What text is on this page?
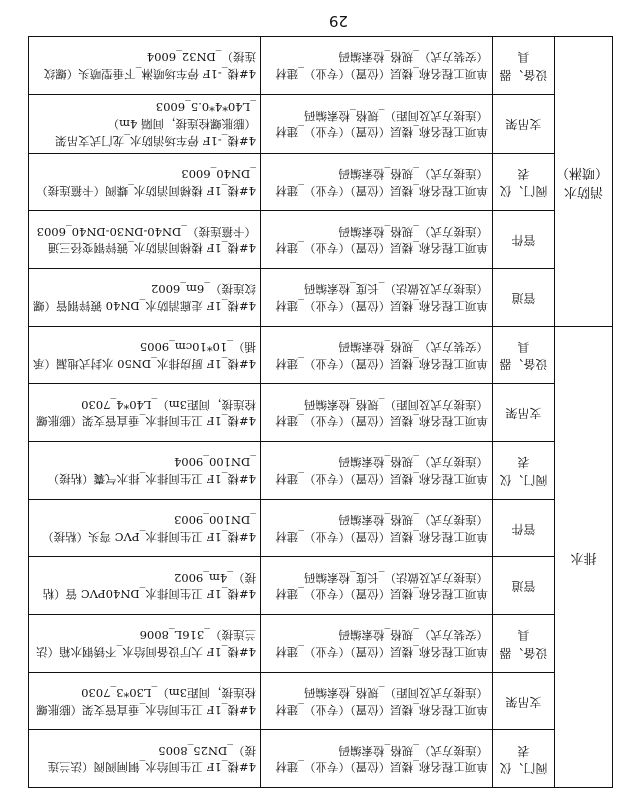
排水	阀门、仪表	单项工程名称_楼层（位置）（专业）_建材（连接方式）_规格_检索编码	4#楼_1F 卫生间给水_铜闸阀阀（法兰连接）_DN25_8005
	支吊架	单项工程名称_楼层（位置）（专业）_建材（连接方式及间距）_规格_检索编码	4#楼_1F 卫生间给水_垂直管支架（膨胀螺栓连接，间距3m）_L30*3_7030
	设备、器具	单项工程名称_楼层（位置）（专业）_建材（安装方式）_规格_检索编码	4#楼_1F 大厅设备间给水_不锈钢水箱（法兰连接）_316L_8006
	管道	单项工程名称_楼层（位置）（专业）_建材（连接方式及做法）_长度_检索编码	4#楼_1F 卫生间排水_DN40PVC 管（粘接）_4m_9002
	管件	单项工程名称_楼层（位置）（专业）_建材（连接方式）_规格_检索编码	4#楼_1F 卫生间排水_PVC 弯头（粘接）_DN100_9003
	阀门、仪表	单项工程名称_楼层（位置）（专业）_建材（连接方式）_规格_检索编码	4#楼_1F 卫生间排水_排水气囊（粘接）_DN100_9004
	支吊架	单项工程名称_楼层（位置）（专业）_建材（连接方式及间距）_规格_检索编码	4#楼_1F 卫生间排水_垂直管支架（膨胀螺栓连接，间距3m）_L40*4_7030
	设备、器具	单项工程名称_楼层（位置）（专业）_建材（安装方式）_规格_检索编码	4#楼_1F 厨房排水_DN50 水封式地漏（承插）_10*10cm_9005
消防水（喷淋）	管道	单项工程名称_楼层（位置）（专业）_建材（连接方式及做法）_长度_检索编码	4#楼_1F 走廊消防水_DN40 镀锌钢管（螺纹连接）_6m_6002
	管件	单项工程名称_楼层（位置）（专业）_建材（连接方式）_规格_检索编码	4#楼_1F 楼梯间消防水_镀锌钢变径三通（卡箍连接）_DN40-DN30-DN40_6003
	阀门、仪表	单项工程名称_楼层（位置）（专业）_建材（连接方式）_规格_检索编码	4#楼_1F 楼梯间消防水_蝶阀（卡箍连接）_DN40_6003
	支吊架	单项工程名称_楼层（位置）（专业）_建材（连接方式及间距）_规格_检索编码	4#楼_-1F 停车场消防水_龙门式支吊架（膨胀螺栓连接，间隔 4m）_L40*4*0.5_6003
	设备、器具	单项工程名称_楼层（位置）（专业）_建材（安装方式）_规格_检索编码	4#楼_-1F 停车场喷淋_下垂型喷头（螺纹连接）_DN32_6004
29
